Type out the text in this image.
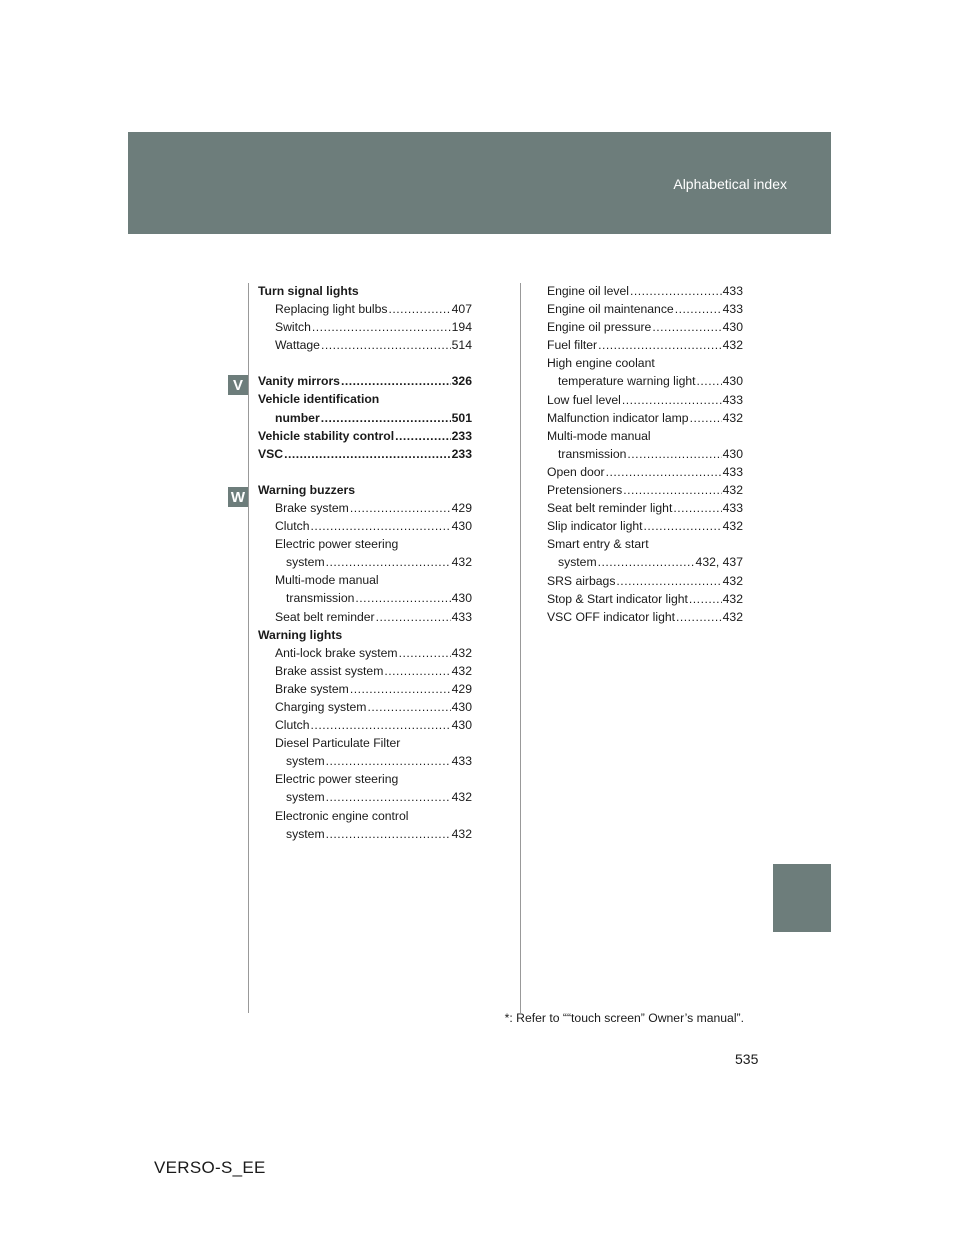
Alphabetical index
V
W
Turn signal lights
Replacing light bulbs .....	407
Switch .....	194
Wattage .....	514
Vanity mirrors .....	326
Vehicle identification
number .....	501
Vehicle stability control .....	233
VSC .....	233
Warning buzzers
Brake system .....	429
Clutch .....	430
Electric power steering
system .....	432
Multi-mode manual
transmission .....	430
Seat belt reminder .....	433
Warning lights
Anti-lock brake system .....	432
Brake assist system .....	432
Brake system .....	429
Charging system .....	430
Clutch .....	430
Diesel Particulate Filter
system .....	433
Electric power steering
system .....	432
Electronic engine control
system .....	432
Engine oil level .....	433
Engine oil maintenance .....	433
Engine oil pressure .....	430
Fuel filter .....	432
High engine coolant
temperature warning light ..... 430
Low fuel level .....	433
Malfunction indicator lamp .....	432
Multi-mode manual
transmission .....	430
Open door .....	433
Pretensioners .....	432
Seat belt reminder light .....	433
Slip indicator light .....	432
Smart entry & start
system .....	432, 437
SRS airbags .....	432
Stop & Start indicator light .....	432
VSC OFF indicator light .....	432
*: Refer to ““touch screen” Owner’s manual”.
535
VERSO-S_EE
